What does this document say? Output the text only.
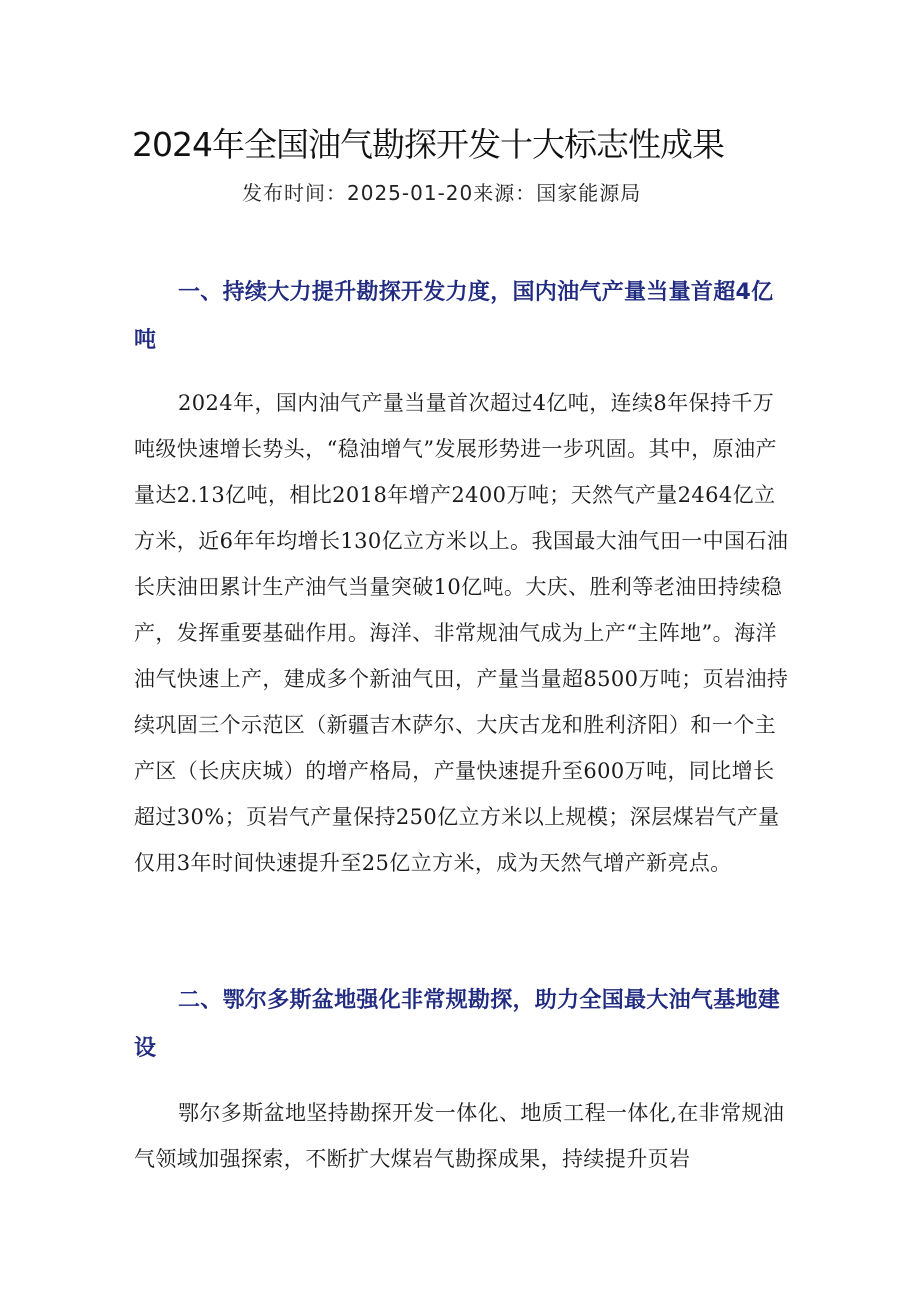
2024年全国油气勘探开发十大标志性成果
发布时间：2025-01-20来源：国家能源局
一、持续大力提升勘探开发力度，国内油气产量当量首超4亿吨

2024年，国内油气产量当量首次超过4亿吨，连续8年保持千万吨级快速增长势头，“稳油增气”发展形势进一步巩固。其中，原油产量达2.13亿吨，相比2018年增产2400万吨；天然气产量2464亿立方米，近6年年均增长130亿立方米以上。我国最大油气田一中国石油长庆油田累计生产油气当量突破10亿吨。大庆、胜利等老油田持续稳产，发挥重要基础作用。海洋、非常规油气成为上产“主阵地”。海洋油气快速上产，建成多个新油气田，产量当量超8500万吨；页岩油持续巩固三个示范区（新疆吉木萨尔、大庆古龙和胜利济阳）和一个主产区（长庆庆城）的增产格局，产量快速提升至600万吨，同比增长超过30%；页岩气产量保持250亿立方米以上规模；深层煤岩气产量仅用3年时间快速提升至25亿立方米，成为天然气增产新亮点。

二、鄂尔多斯盆地强化非常规勘探，助力全国最大油气基地建设

鄂尔多斯盆地坚持勘探开发一体化、地质工程一体化,在非常规油气领域加强探索，不断扩大煤岩气勘探成果，持续提升页岩
